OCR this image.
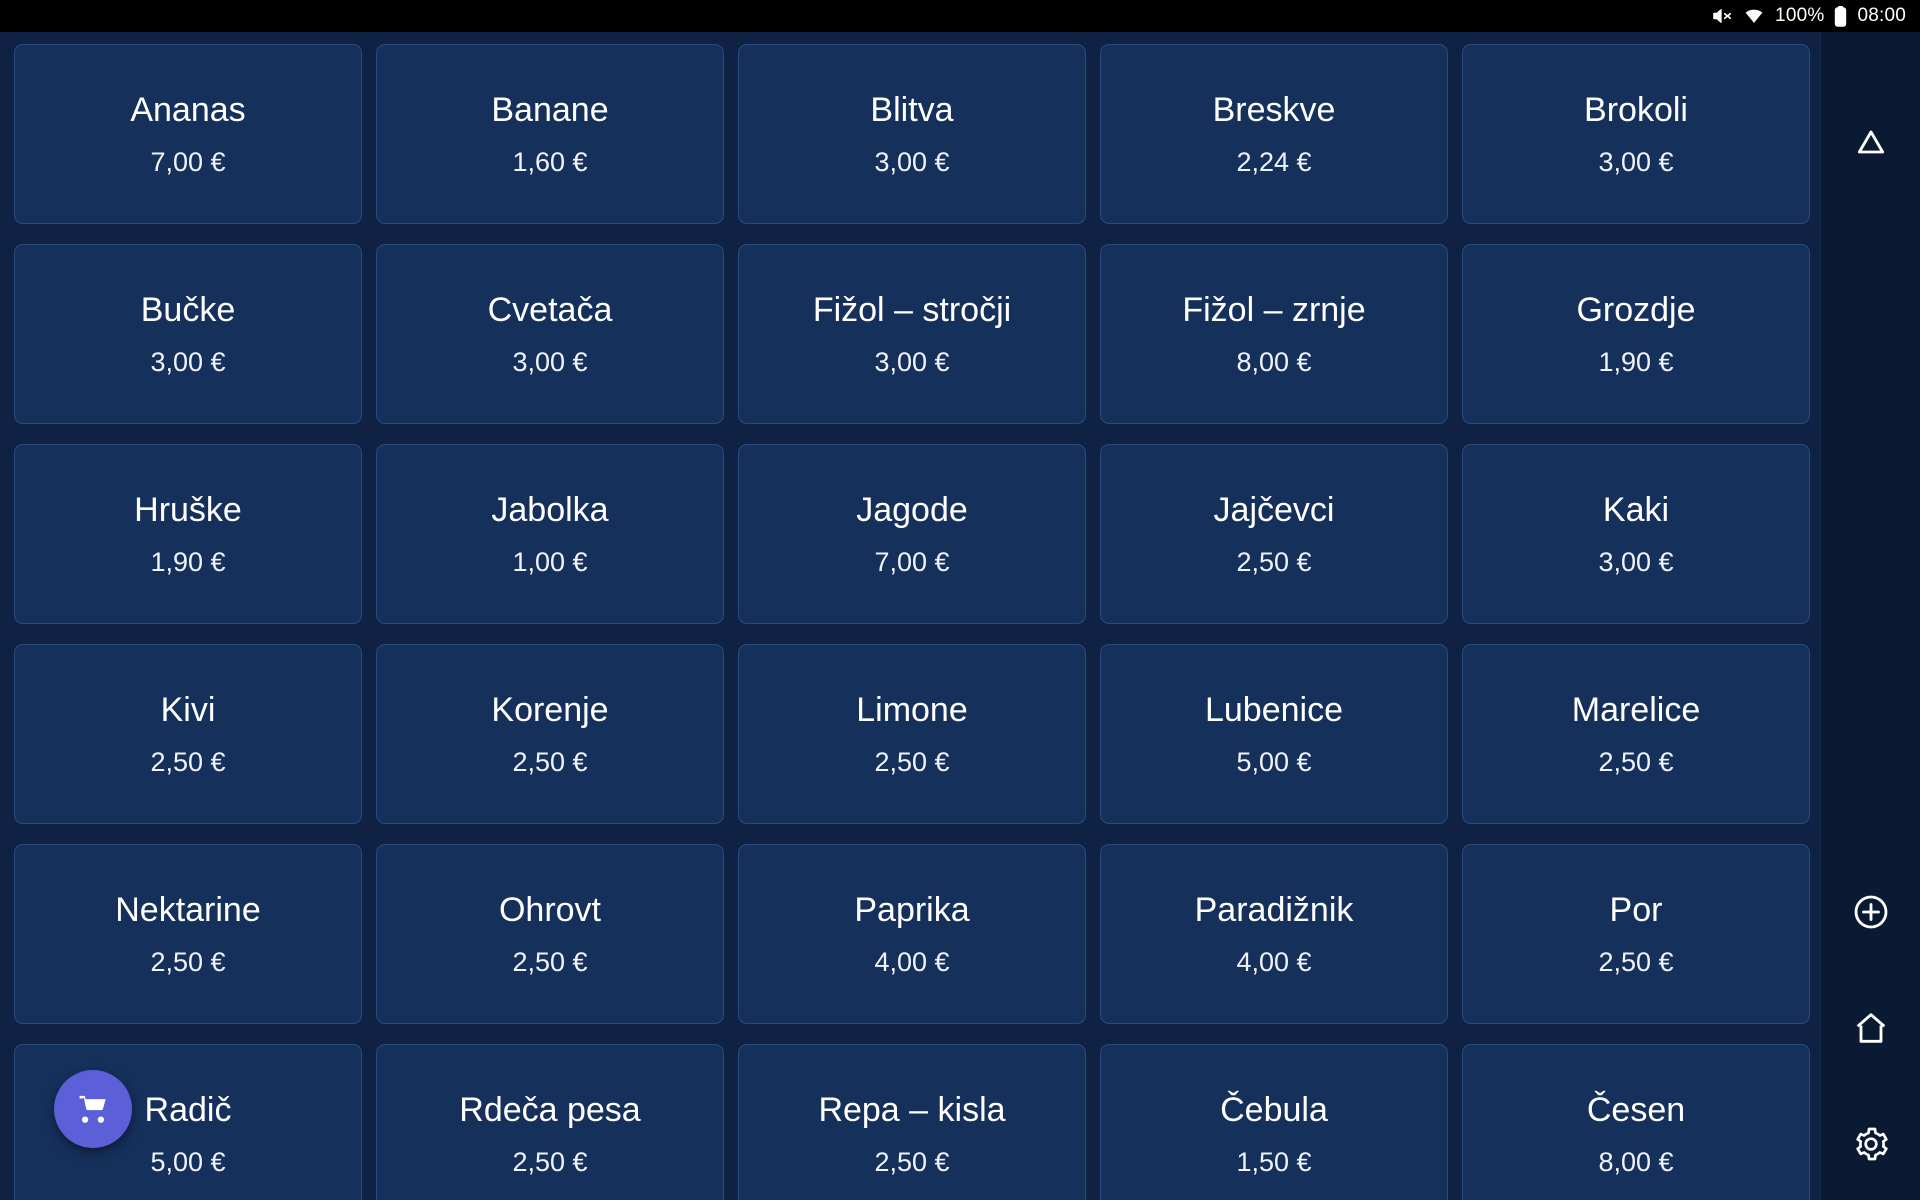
100% 08:00
Ananas
7,00 €
Banane
1,60 €
Blitva
3,00 €
Breskve
2,24 €
Brokoli
3,00 €
Bučke
3,00 €
Cvetača
3,00 €
Fižol – stročji
3,00 €
Fižol – zrnje
8,00 €
Grozdje
1,90 €
Hruške
1,90 €
Jabolka
1,00 €
Jagode
7,00 €
Jajčevci
2,50 €
Kaki
3,00 €
Kivi
2,50 €
Korenje
2,50 €
Limone
2,50 €
Lubenice
5,00 €
Marelice
2,50 €
Nektarine
2,50 €
Ohrovt
2,50 €
Paprika
4,00 €
Paradižnik
4,00 €
Por
2,50 €
Radič
5,00 €
Rdeča pesa
2,50 €
Repa – kisla
2,50 €
Čebula
1,50 €
Česen
8,00 €
